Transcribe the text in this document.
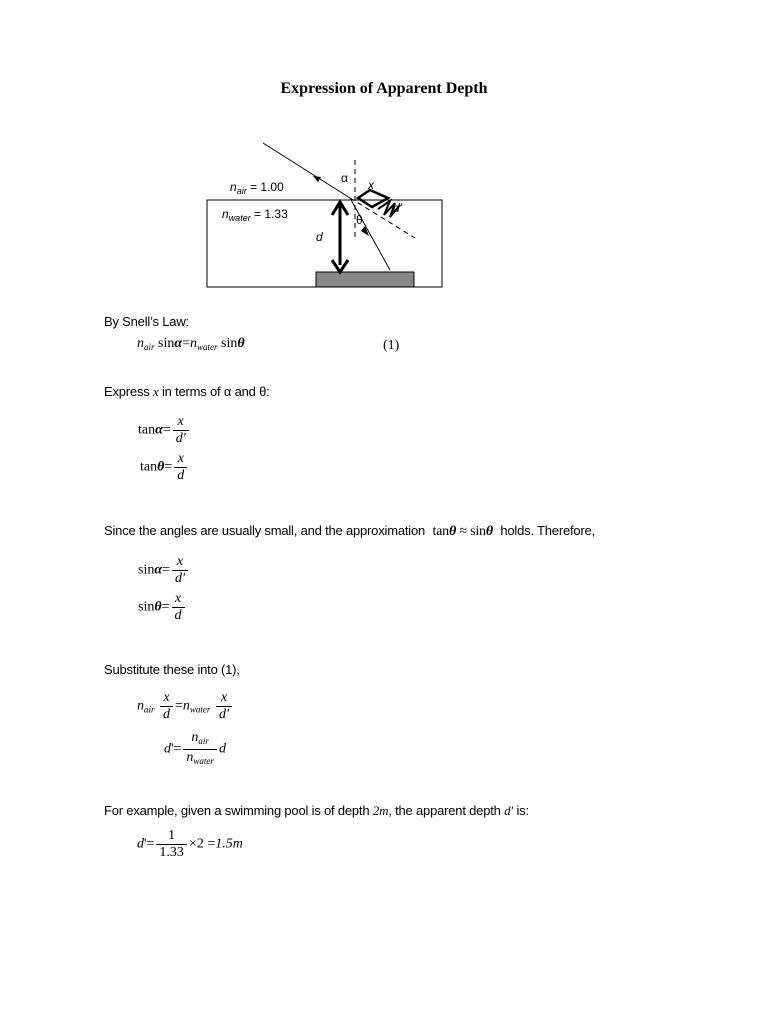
Expression of Apparent Depth
$n_{air} = 1.00$
$n_{water} = 1.33$
α x
θ
d
d′
By Snell’s Law:
$n_{air}$ $\sin\alpha=n_{water}$ sinθ	(1)
Express x in terms of α and θ:
$\tan\alpha= \frac{x}{d'}$
$\tan\theta= \frac{x}{d}$
Since the angles are usually small, and the approximation tanθ ≈ sinθ holds. Therefore,
$\sin\alpha= \frac{x}{d'}$
$\sin\theta= \frac{x}{d}$
Substitute these into (1),
$n_{air} \frac{x}{d} =n_{water} \frac{x}{d'}$
$d'= \frac{n_{air}}{n_{water}}$ d
For example, given a swimming pool is of depth 2m, the apparent depth d′ is:
$d'= \frac{1}{1.33} \times 2 =1.5m$
